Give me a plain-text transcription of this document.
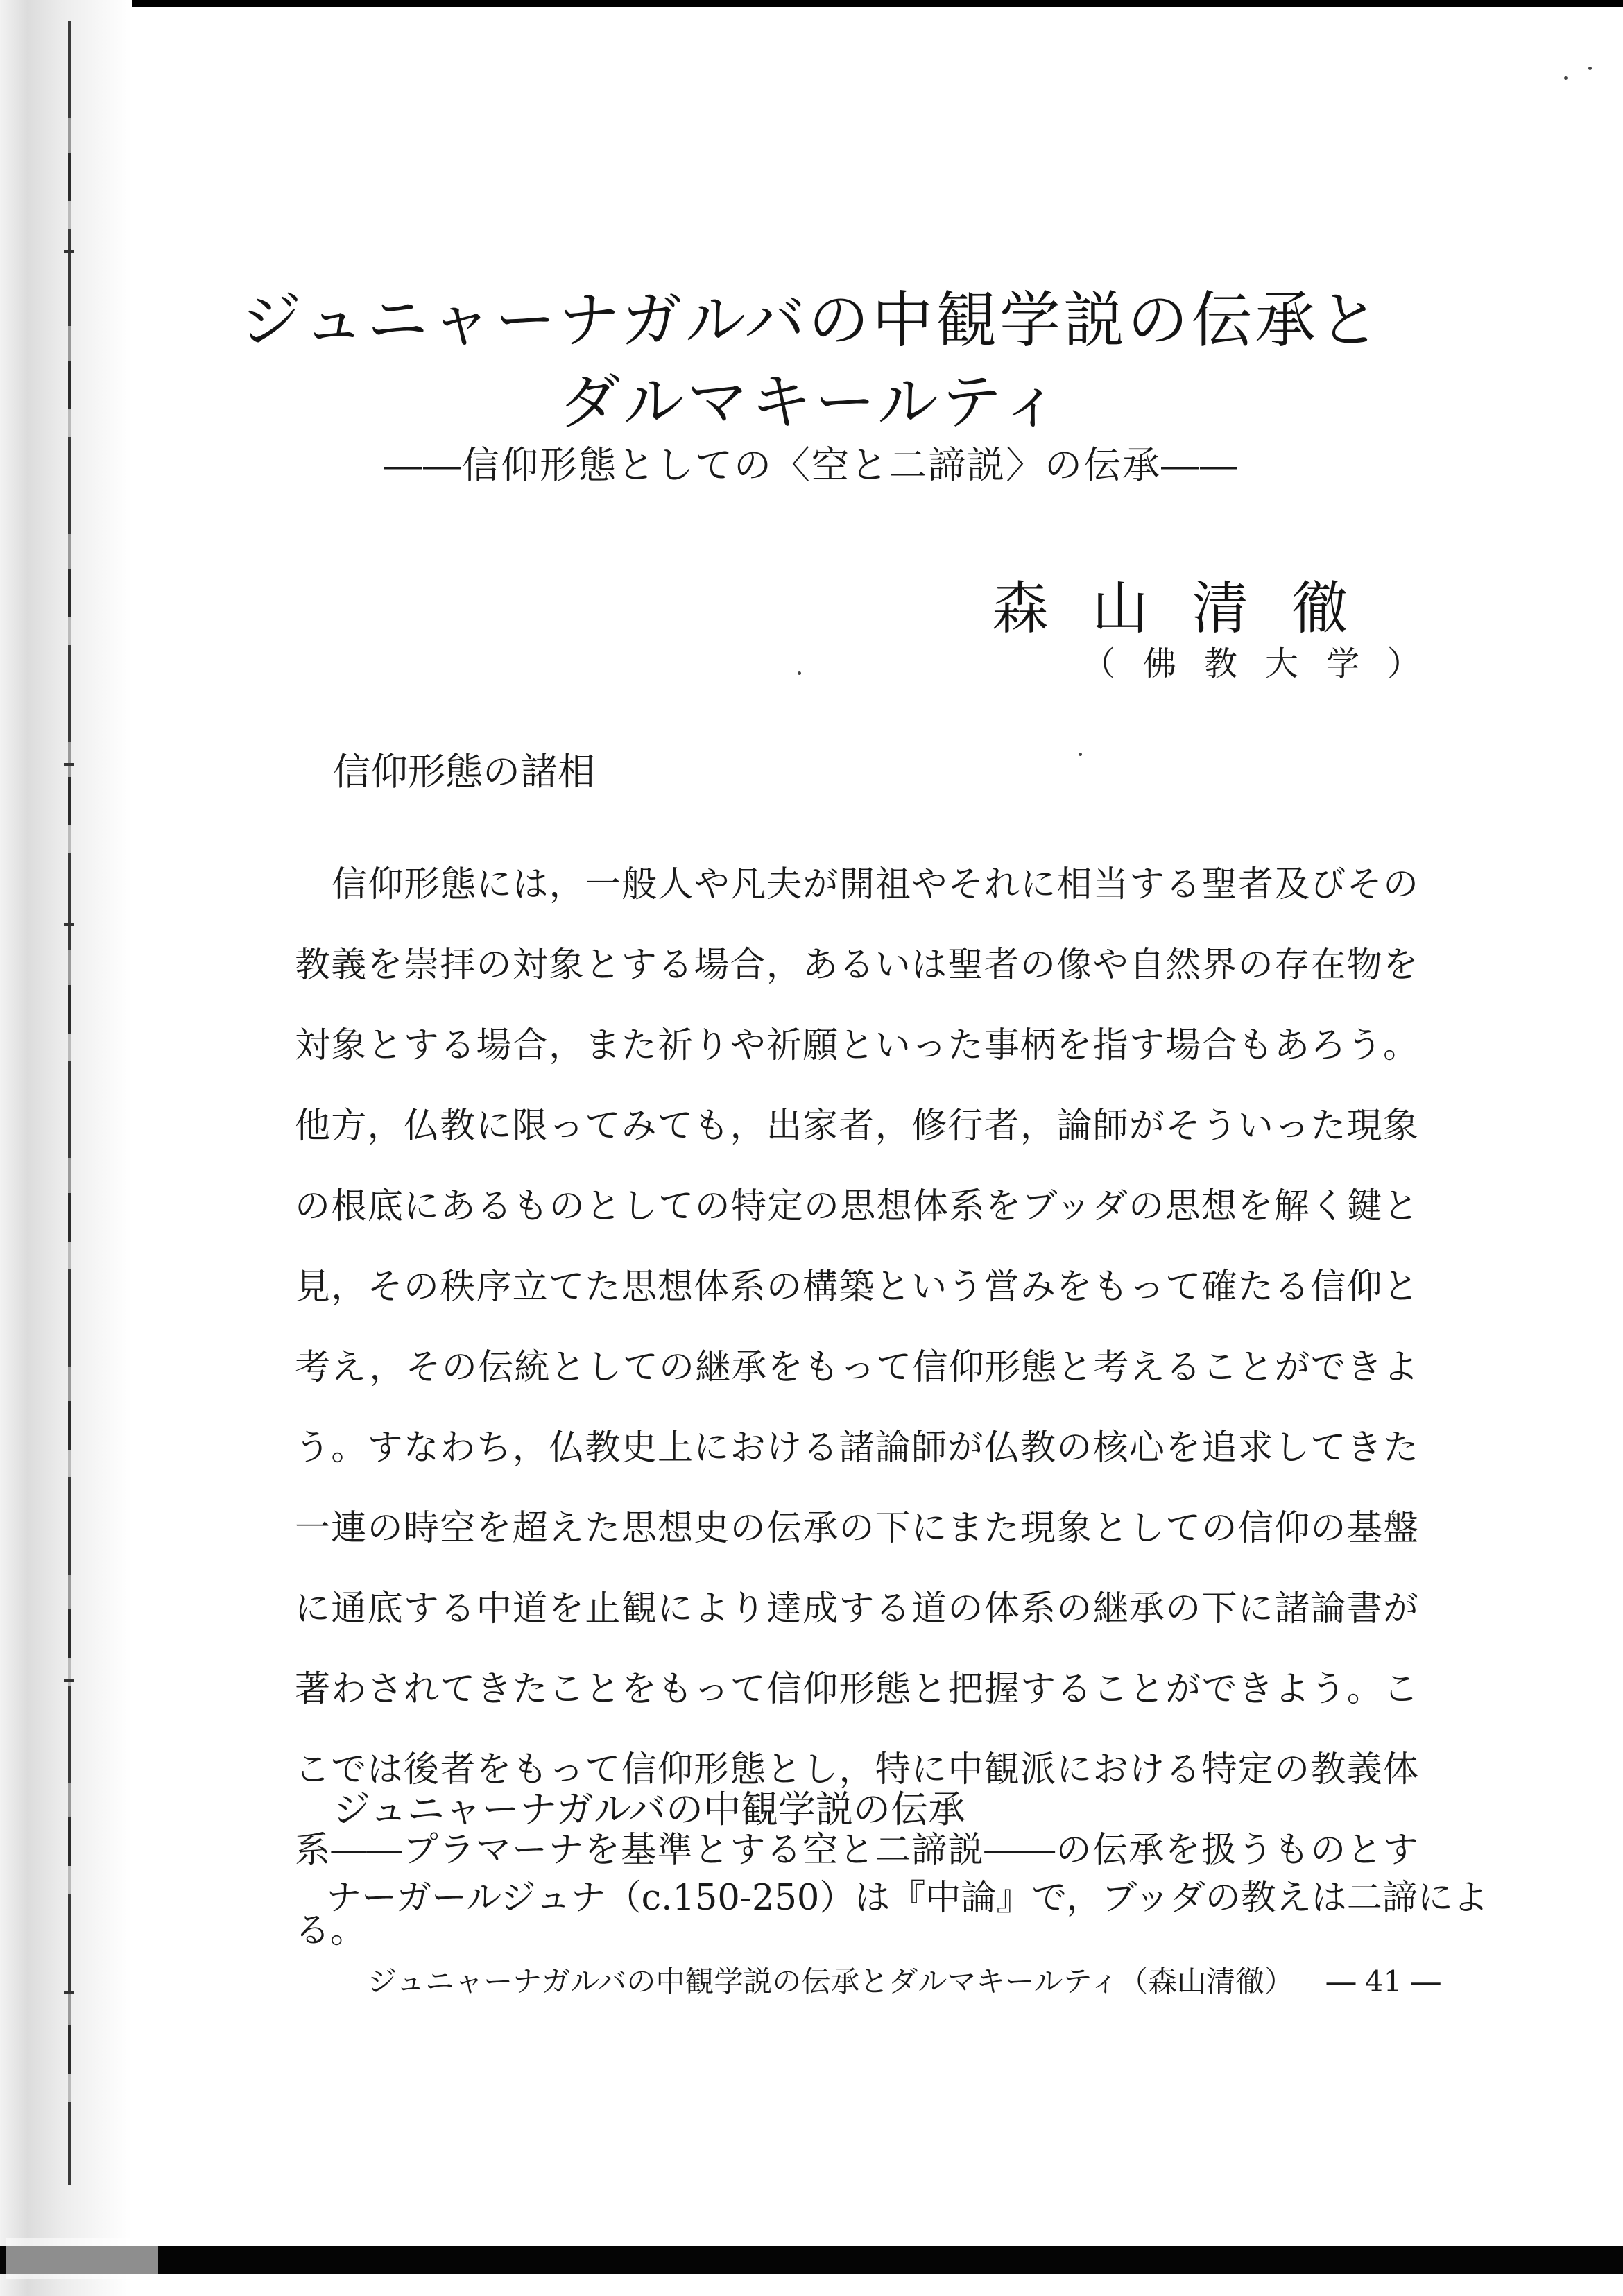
ジュニャーナガルバの中観学説の伝承と
ダルマキールティ
――信仰形態としての〈空と二諦説〉の伝承――
森山清徹
（佛教大学）
信仰形態の諸相

信仰形態には，一般人や凡夫が開祖やそれに相当する聖者及びその教義を崇拝の対象とする場合，あるいは聖者の像や自然界の存在物を対象とする場合，また祈りや祈願といった事柄を指す場合もあろう。他方，仏教に限ってみても，出家者，修行者，論師がそういった現象の根底にあるものとしての特定の思想体系をブッダの思想を解く鍵と見，その秩序立てた思想体系の構築という営みをもって確たる信仰と考え，その伝統としての継承をもって信仰形態と考えることができよう。すなわち，仏教史上における諸論師が仏教の核心を追求してきた一連の時空を超えた思想史の伝承の下にまた現象としての信仰の基盤に通底する中道を止観により達成する道の体系の継承の下に諸論書が著わされてきたことをもって信仰形態と把握することができよう。ここでは後者をもって信仰形態とし，特に中観派における特定の教義体系――プラマーナを基準とする空と二諦説――の伝承を扱うものとする。

ジュニャーナガルバの中観学説の伝承

ナーガールジュナ（c.150-250）は『中論』で，ブッダの教えは二諦によ

ジュニャーナガルバの中観学説の伝承とダルマキールティ（森山清徹） ― 41 ―
